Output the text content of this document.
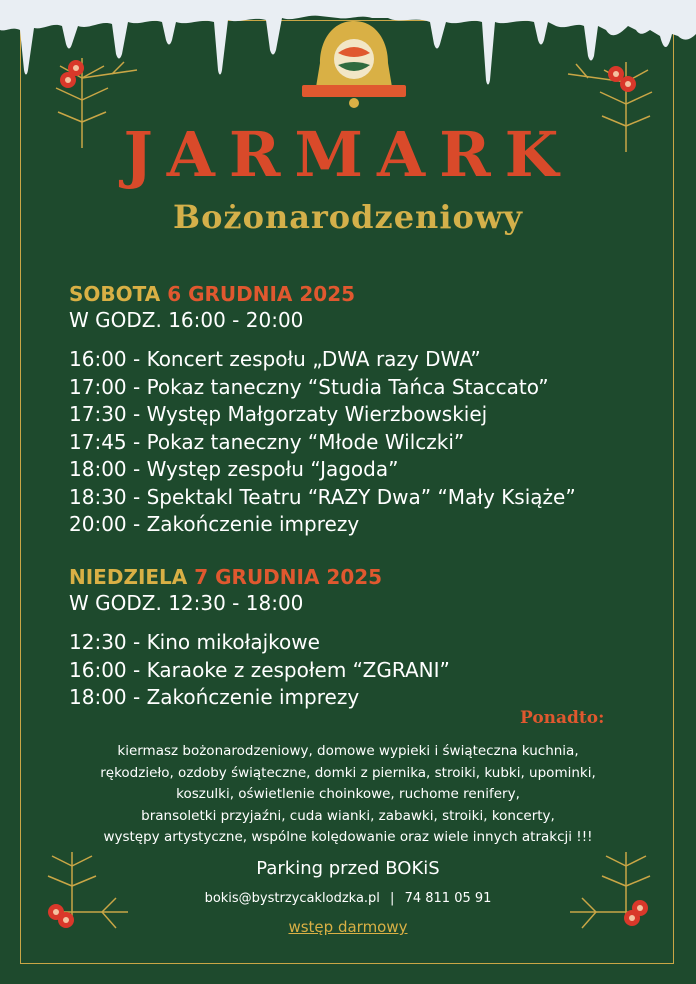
JARMARK
Bożonarodzeniowy
SOBOTA 6 GRUDNIA 2025
W GODZ. 16:00 - 20:00
16:00 - Koncert zespołu „DWA razy DWA”
17:00 - Pokaz taneczny “Studia Tańca Staccato”
17:30 - Występ Małgorzaty Wierzbowskiej
17:45 - Pokaz taneczny “Młode Wilczki”
18:00 - Występ zespołu “Jagoda”
18:30 - Spektakl Teatru “RAZY Dwa” “Mały Książe”
20:00 - Zakończenie imprezy
NIEDZIELA 7 GRUDNIA 2025
W GODZ. 12:30 - 18:00
12:30 - Kino mikołajkowe
16:00 - Karaoke z zespołem “ZGRANI”
18:00 - Zakończenie imprezy
Ponadto:
kiermasz bożonarodzeniowy, domowe wypieki i świąteczna kuchnia,
rękodzieło, ozdoby świąteczne, domki z piernika, stroiki, kubki, upominki,
koszulki, oświetlenie choinkowe, ruchome renifery,
bransoletki przyjaźni, cuda wianki, zabawki, stroiki, koncerty,
występy artystyczne, wspólne kolędowanie oraz wiele innych atrakcji !!!
Parking przed BOKiS
bokis@bystrzycaklodzka.pl | 74 811 05 91
wstęp darmowy
